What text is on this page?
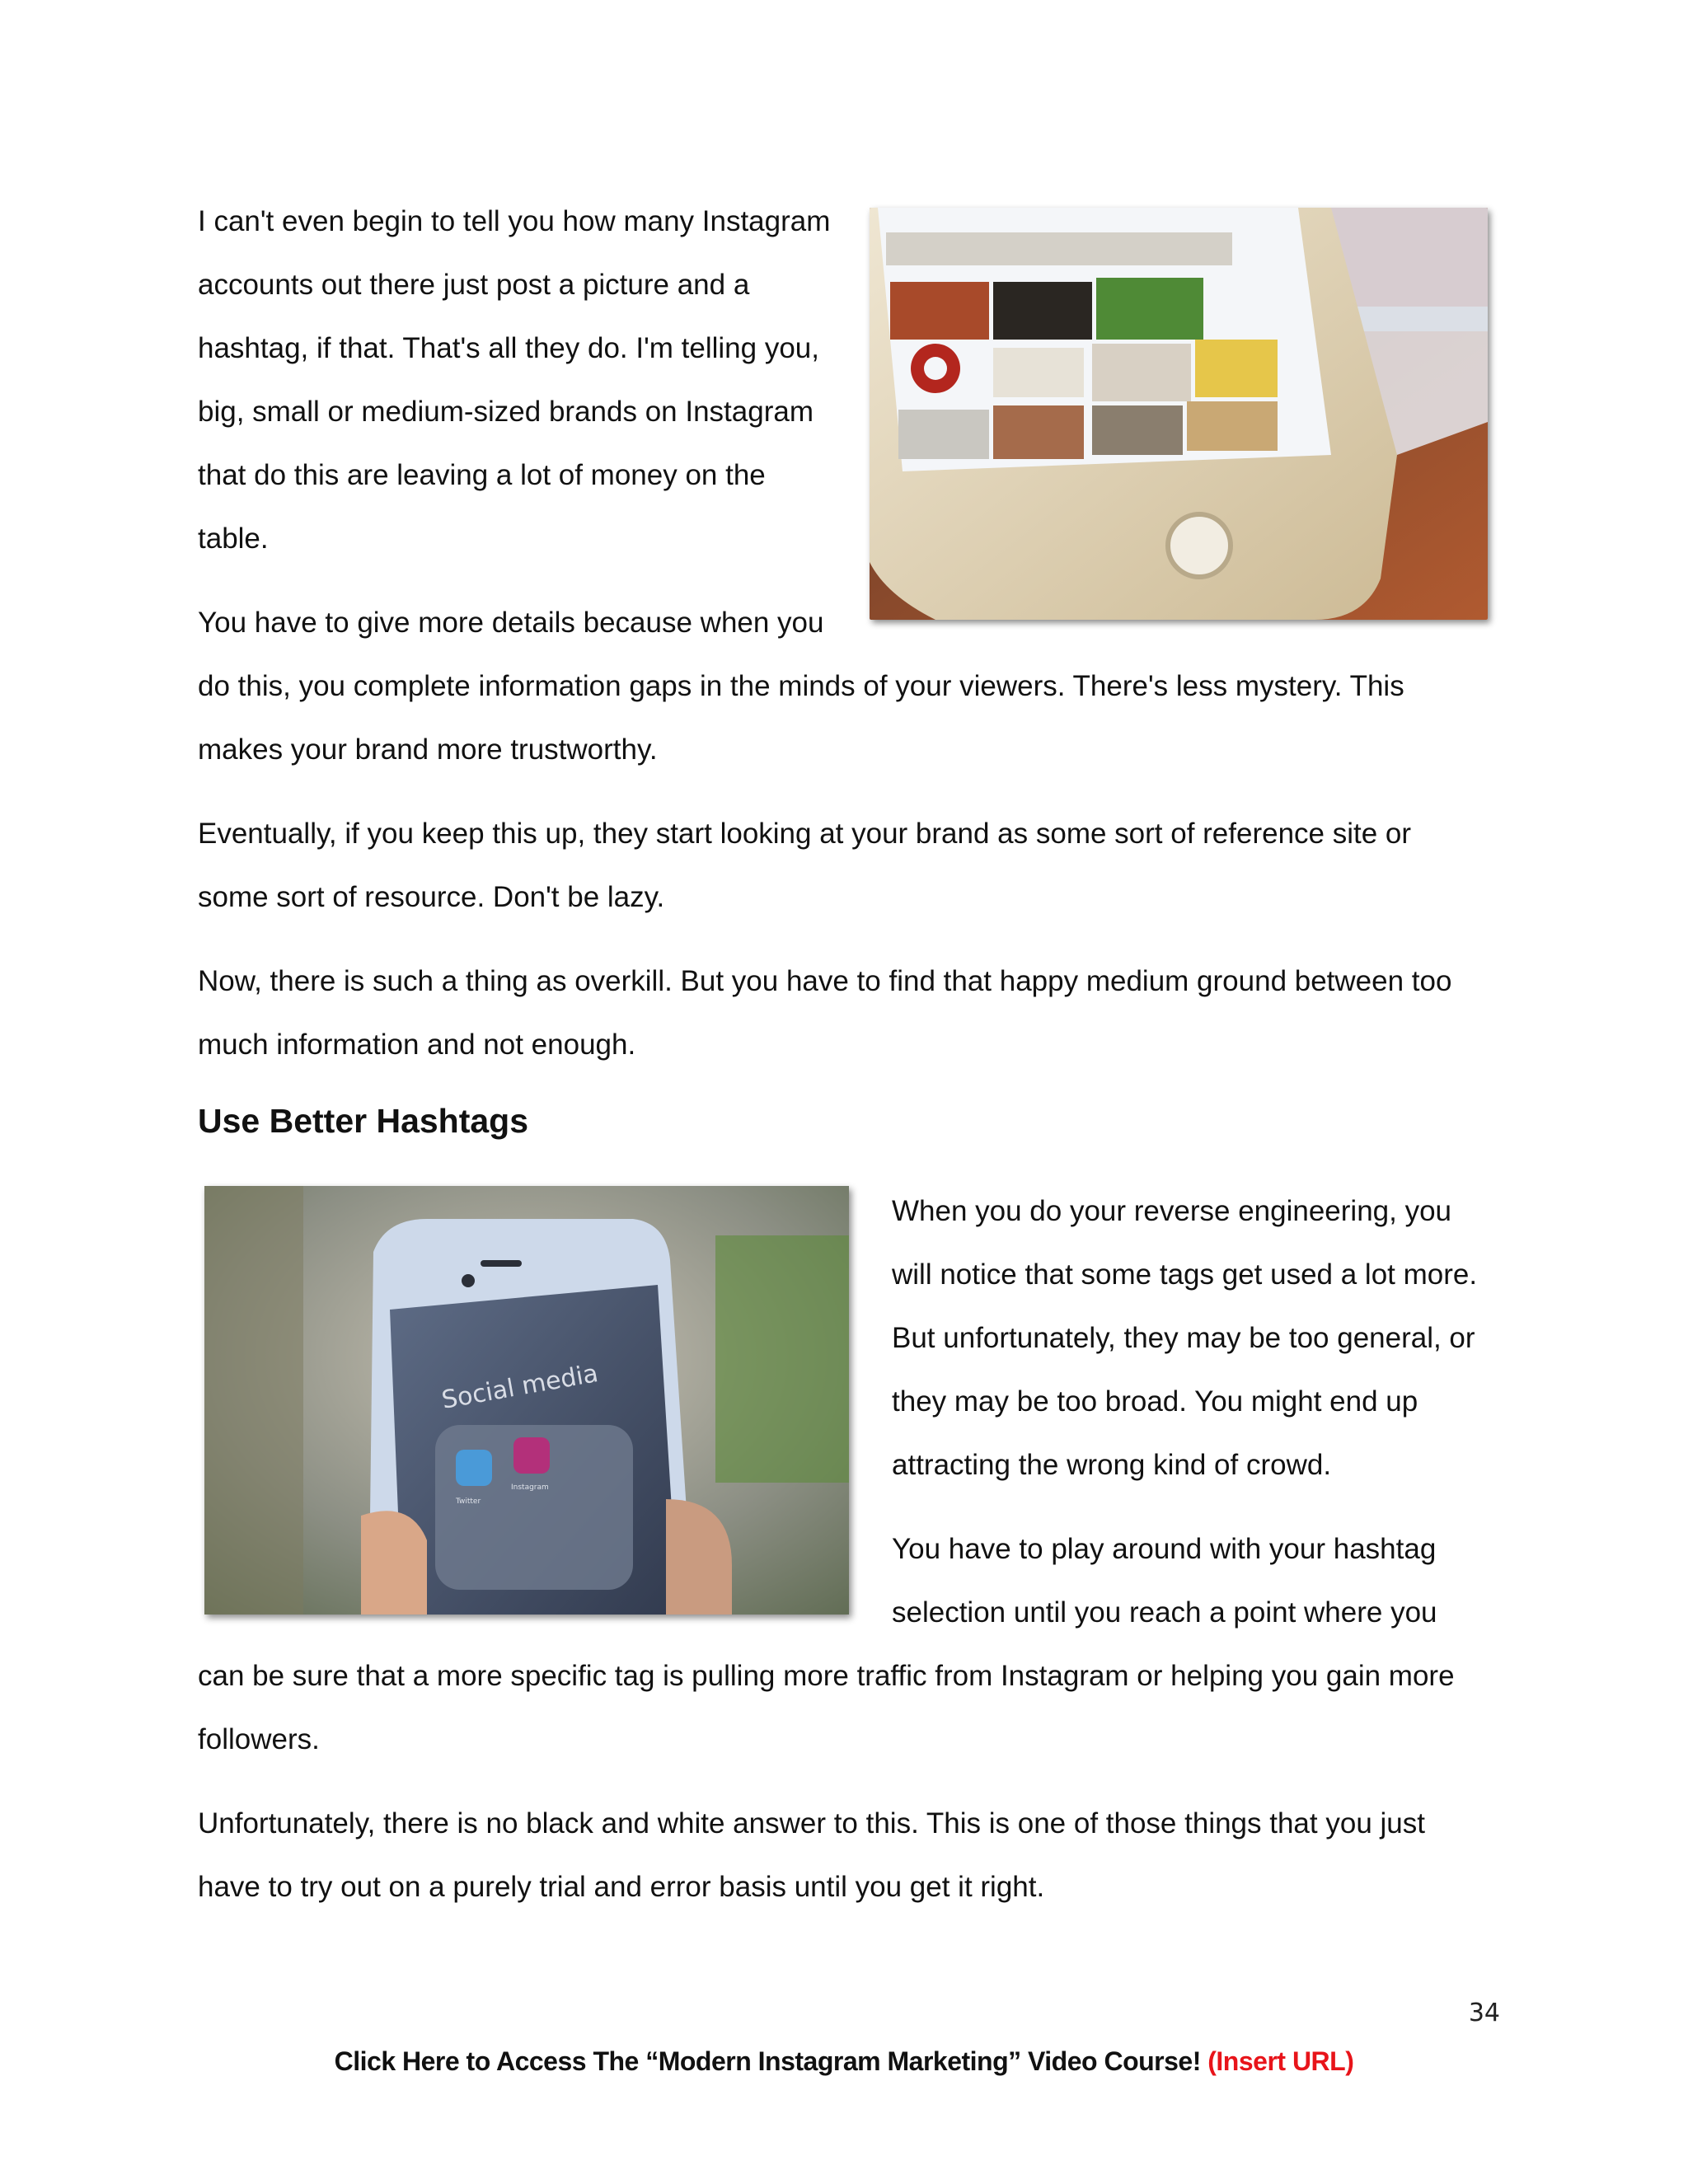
I can't even begin to tell you how many Instagram accounts out there just post a picture and a hashtag, if that. That's all they do. I'm telling you, big, small or medium-sized brands on Instagram that do this are leaving a lot of money on the table.

You have to give more details because when you do this, you complete information gaps in the minds of your viewers. There's less mystery. This makes your brand more trustworthy.

Eventually, if you keep this up, they start looking at your brand as some sort of reference site or some sort of resource. Don't be lazy.

Now, there is such a thing as overkill. But you have to find that happy medium ground between too much information and not enough.

Use Better Hashtags
Social media
Twitter
Instagram

When you do your reverse engineering, you will notice that some tags get used a lot more. But unfortunately, they may be too general, or they may be too broad. You might end up attracting the wrong kind of crowd.

You have to play around with your hashtag selection until you reach a point where you can be sure that a more specific tag is pulling more traffic from Instagram or helping you gain more followers.

Unfortunately, there is no black and white answer to this. This is one of those things that you just have to try out on a purely trial and error basis until you get it right.

34
Click Here to Access The “Modern Instagram Marketing” Video Course! (Insert URL)
